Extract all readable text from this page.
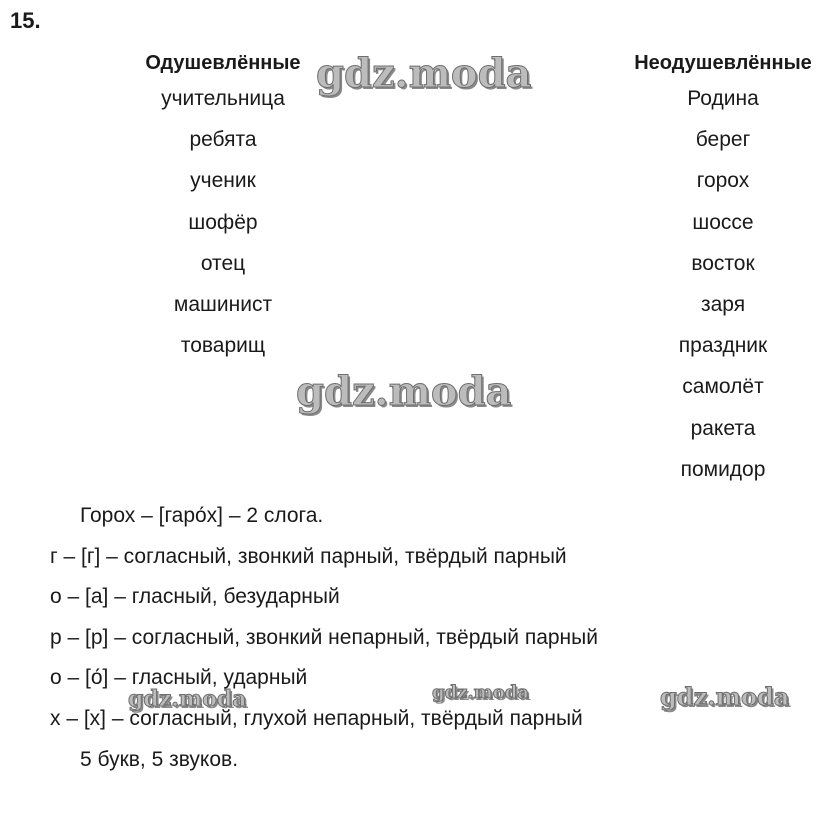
15.
Одушевлённые
учительница
ребята
ученик
шофёр
отец
машинист
товарищ
Неодушевлённые
Родина
берег
горох
шоссе
восток
заря
праздник
самолёт
ракета
помидор
Горох – [гаро́х] – 2 слога.
г – [г] – согласный, звонкий парный, твёрдый парный
о – [а] – гласный, безударный
р – [р] – согласный, звонкий непарный, твёрдый парный
о – [о́] – гласный, ударный
х – [х] – согласный, глухой непарный, твёрдый парный
5 букв, 5 звуков.
gdz.moda
gdz.moda
gdz.moda	gdz.moda	gdz.moda
